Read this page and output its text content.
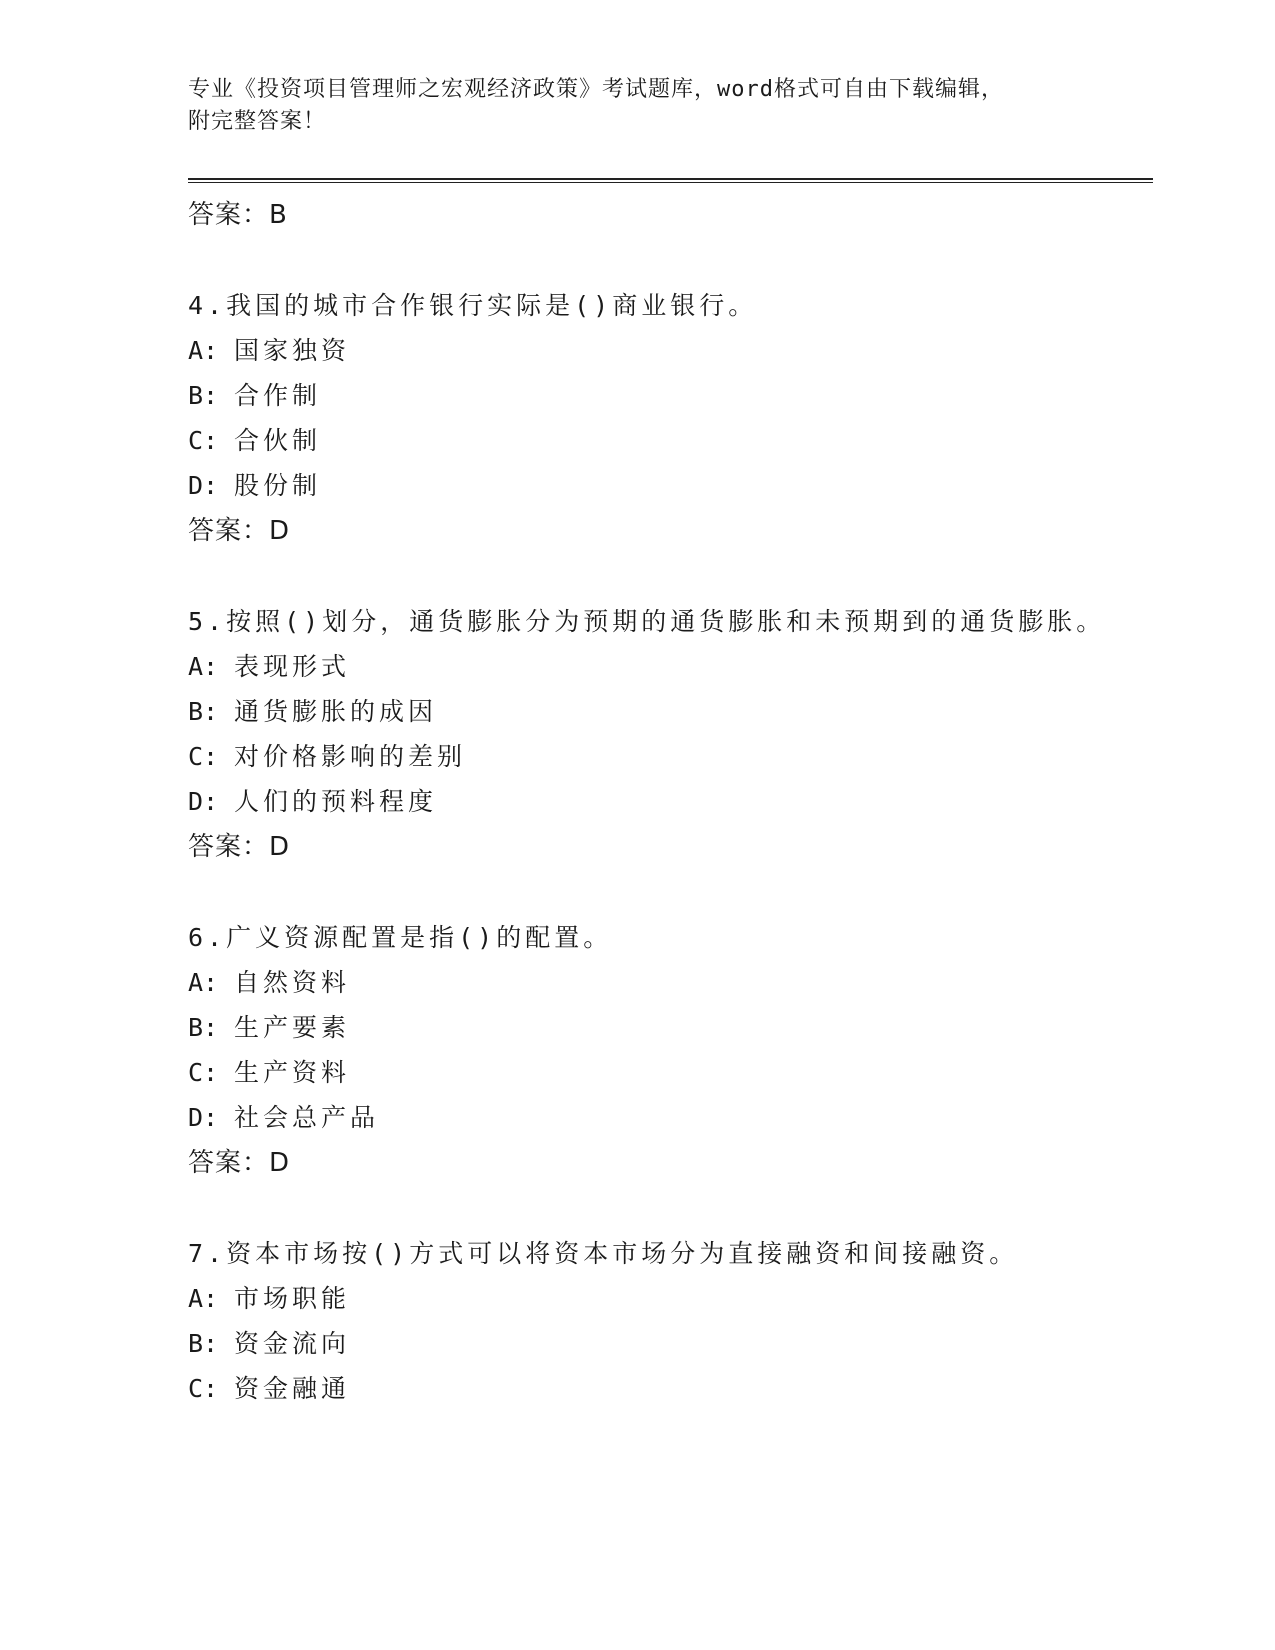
专业《投资项目管理师之宏观经济政策》考试题库，word格式可自由下载编辑，
附完整答案！
答案：B
4.我国的城市合作银行实际是()商业银行。
A: 国家独资
B: 合作制
C: 合伙制
D: 股份制
答案：D
5.按照()划分，通货膨胀分为预期的通货膨胀和未预期到的通货膨胀。
A: 表现形式
B: 通货膨胀的成因
C: 对价格影响的差别
D: 人们的预料程度
答案：D
6.广义资源配置是指()的配置。
A: 自然资料
B: 生产要素
C: 生产资料
D: 社会总产品
答案：D
7.资本市场按()方式可以将资本市场分为直接融资和间接融资。
A: 市场职能
B: 资金流向
C: 资金融通
